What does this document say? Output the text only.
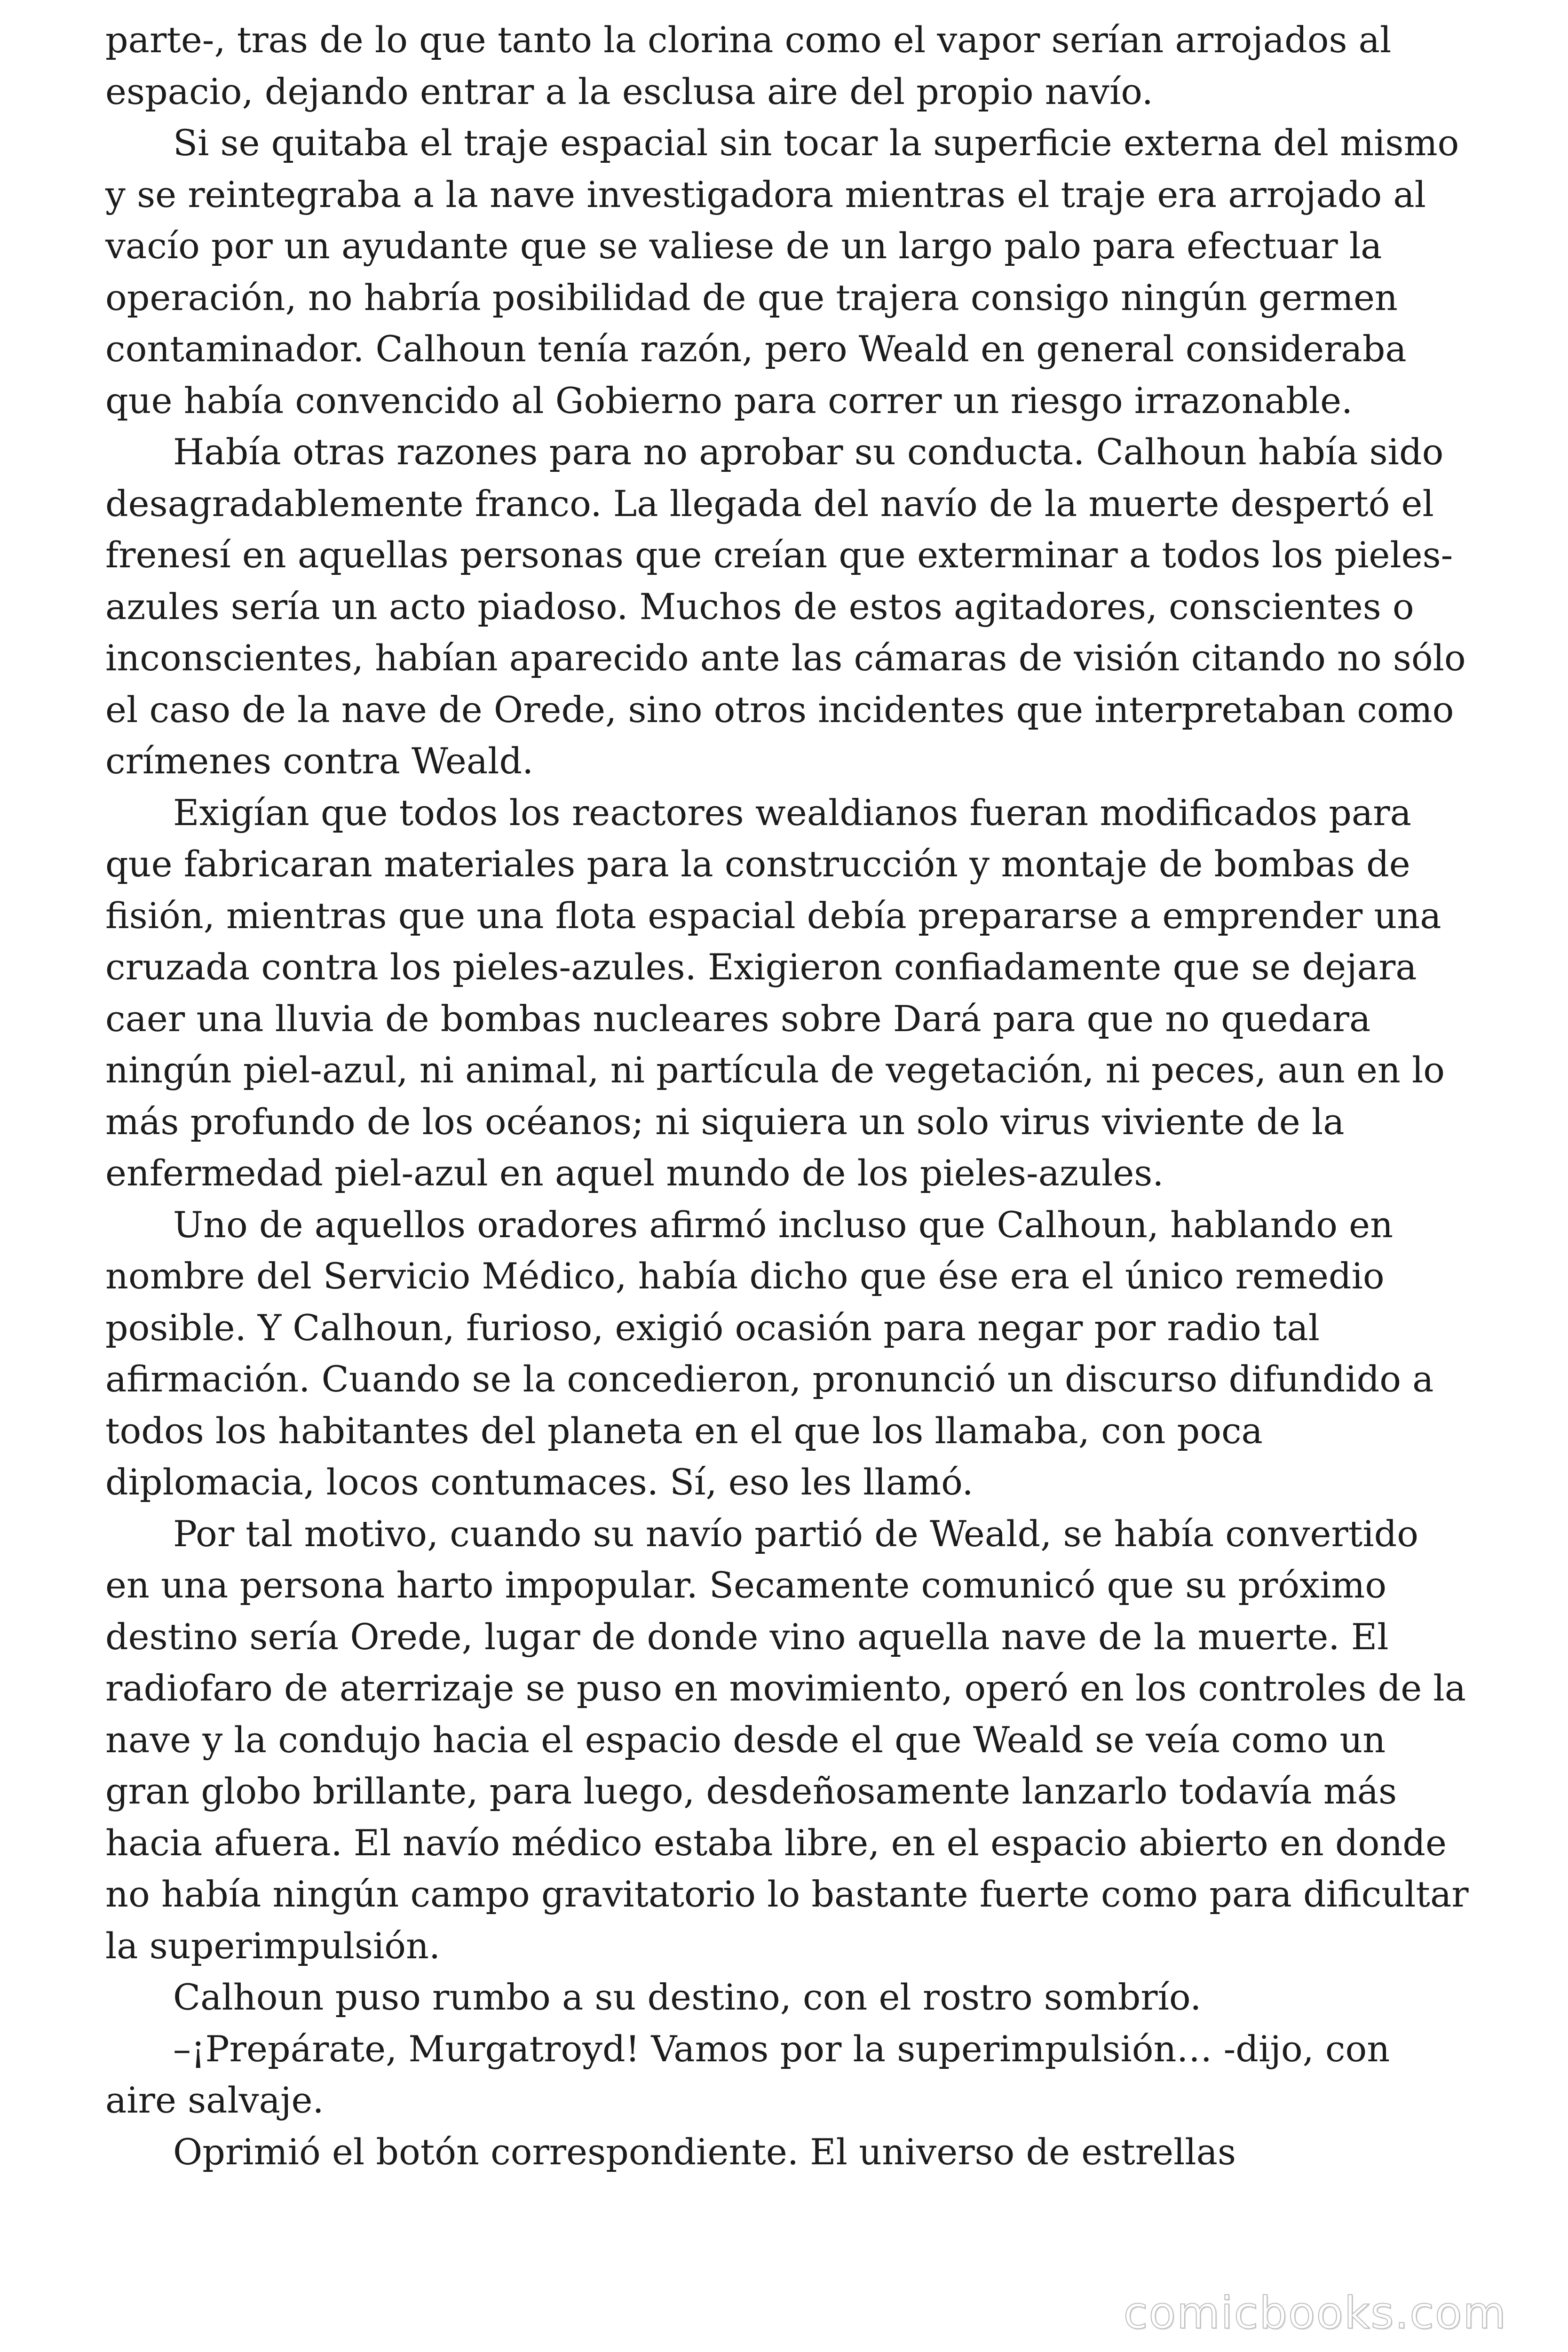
parte-, tras de lo que tanto la clorina como el vapor serían arrojados al espacio, dejando entrar a la esclusa aire del propio navío.

Si se quitaba el traje espacial sin tocar la superficie externa del mismo y se reintegraba a la nave investigadora mientras el traje era arrojado al vacío por un ayudante que se valiese de un largo palo para efectuar la operación, no habría posibilidad de que trajera consigo ningún germen contaminador. Calhoun tenía razón, pero Weald en general consideraba que había convencido al Gobierno para correr un riesgo irrazonable.

Había otras razones para no aprobar su conducta. Calhoun había sido desagradablemente franco. La llegada del navío de la muerte despertó el frenesí en aquellas personas que creían que exterminar a todos los pieles-azules sería un acto piadoso. Muchos de estos agitadores, conscientes o inconscientes, habían aparecido ante las cámaras de visión citando no sólo el caso de la nave de Orede, sino otros incidentes que interpretaban como crímenes contra Weald.

Exigían que todos los reactores wealdianos fueran modificados para que fabricaran materiales para la construcción y montaje de bombas de fisión, mientras que una flota espacial debía prepararse a emprender una cruzada contra los pieles-azules. Exigieron confiadamente que se dejara caer una lluvia de bombas nucleares sobre Dará para que no quedara ningún piel-azul, ni animal, ni partícula de vegetación, ni peces, aun en lo más profundo de los océanos; ni siquiera un solo virus viviente de la enfermedad piel-azul en aquel mundo de los pieles-azules.

Uno de aquellos oradores afirmó incluso que Calhoun, hablando en nombre del Servicio Médico, había dicho que ése era el único remedio posible. Y Calhoun, furioso, exigió ocasión para negar por radio tal afirmación. Cuando se la concedieron, pronunció un discurso difundido a todos los habitantes del planeta en el que los llamaba, con poca diplomacia, locos contumaces. Sí, eso les llamó.

Por tal motivo, cuando su navío partió de Weald, se había convertido en una persona harto impopular. Secamente comunicó que su próximo destino sería Orede, lugar de donde vino aquella nave de la muerte. El radiofaro de aterrizaje se puso en movimiento, operó en los controles de la nave y la condujo hacia el espacio desde el que Weald se veía como un gran globo brillante, para luego, desdeñosamente lanzarlo todavía más hacia afuera. El navío médico estaba libre, en el espacio abierto en donde no había ningún campo gravitatorio lo bastante fuerte como para dificultar la superimpulsión.

Calhoun puso rumbo a su destino, con el rostro sombrío.

–¡Prepárate, Murgatroyd! Vamos por la superimpulsión… -dijo, con aire salvaje.

Oprimió el botón correspondiente. El universo de estrellas

comicbooks.com
